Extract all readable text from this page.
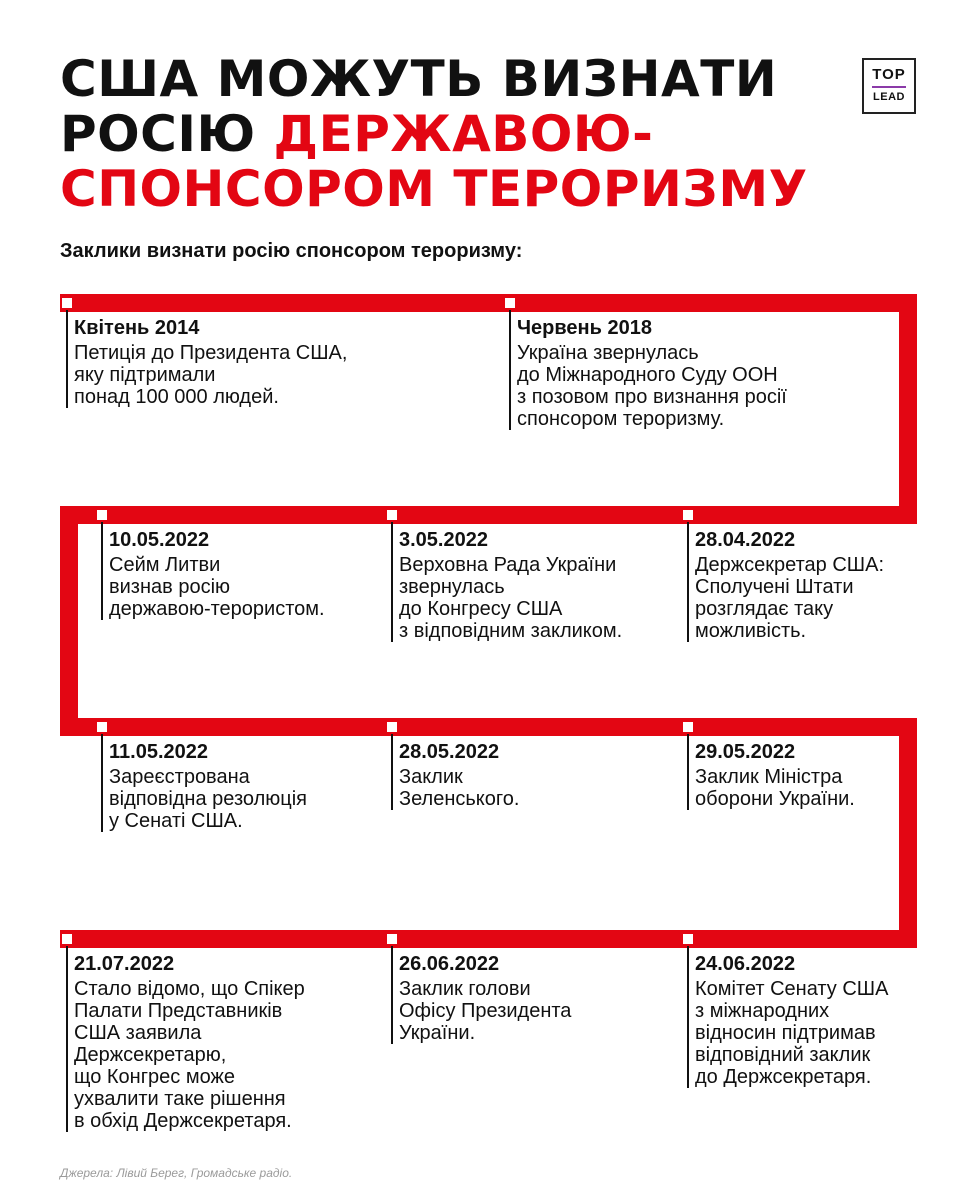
США МОЖУТЬ ВИЗНАТИ
РОСІЮ ДЕРЖАВОЮ-
СПОНСОРОМ ТЕРОРИЗМУ
TOP
LEAD
Заклики визнати росію спонсором тероризму:
Квітень 2014
Петиція до Президента США,
яку підтримали
понад 100 000 людей.
Червень 2018
Україна звернулась
до Міжнародного Суду ООН
з позовом про визнання росії
спонсором тероризму.
10.05.2022
Сейм Литви
визнав росію
державою-терористом.
3.05.2022
Верховна Рада України
звернулась
до Конгресу США
з відповідним закликом.
28.04.2022
Держсекретар США:
Сполучені Штати
розглядає таку
можливість.
11.05.2022
Зареєстрована
відповідна резолюція
у Сенаті США.
28.05.2022
Заклик
Зеленського.
29.05.2022
Заклик Міністра
оборони України.
21.07.2022
Стало відомо, що Спікер
Палати Представників
США заявила
Держсекретарю,
що Конгрес може
ухвалити таке рішення
в обхід Держсекретаря.
26.06.2022
Заклик голови
Офісу Президента
України.
24.06.2022
Комітет Сенату США
з міжнародних
відносин підтримав
відповідний заклик
до Держсекретаря.
Джерела: Лівий Берег, Громадське радіо.
